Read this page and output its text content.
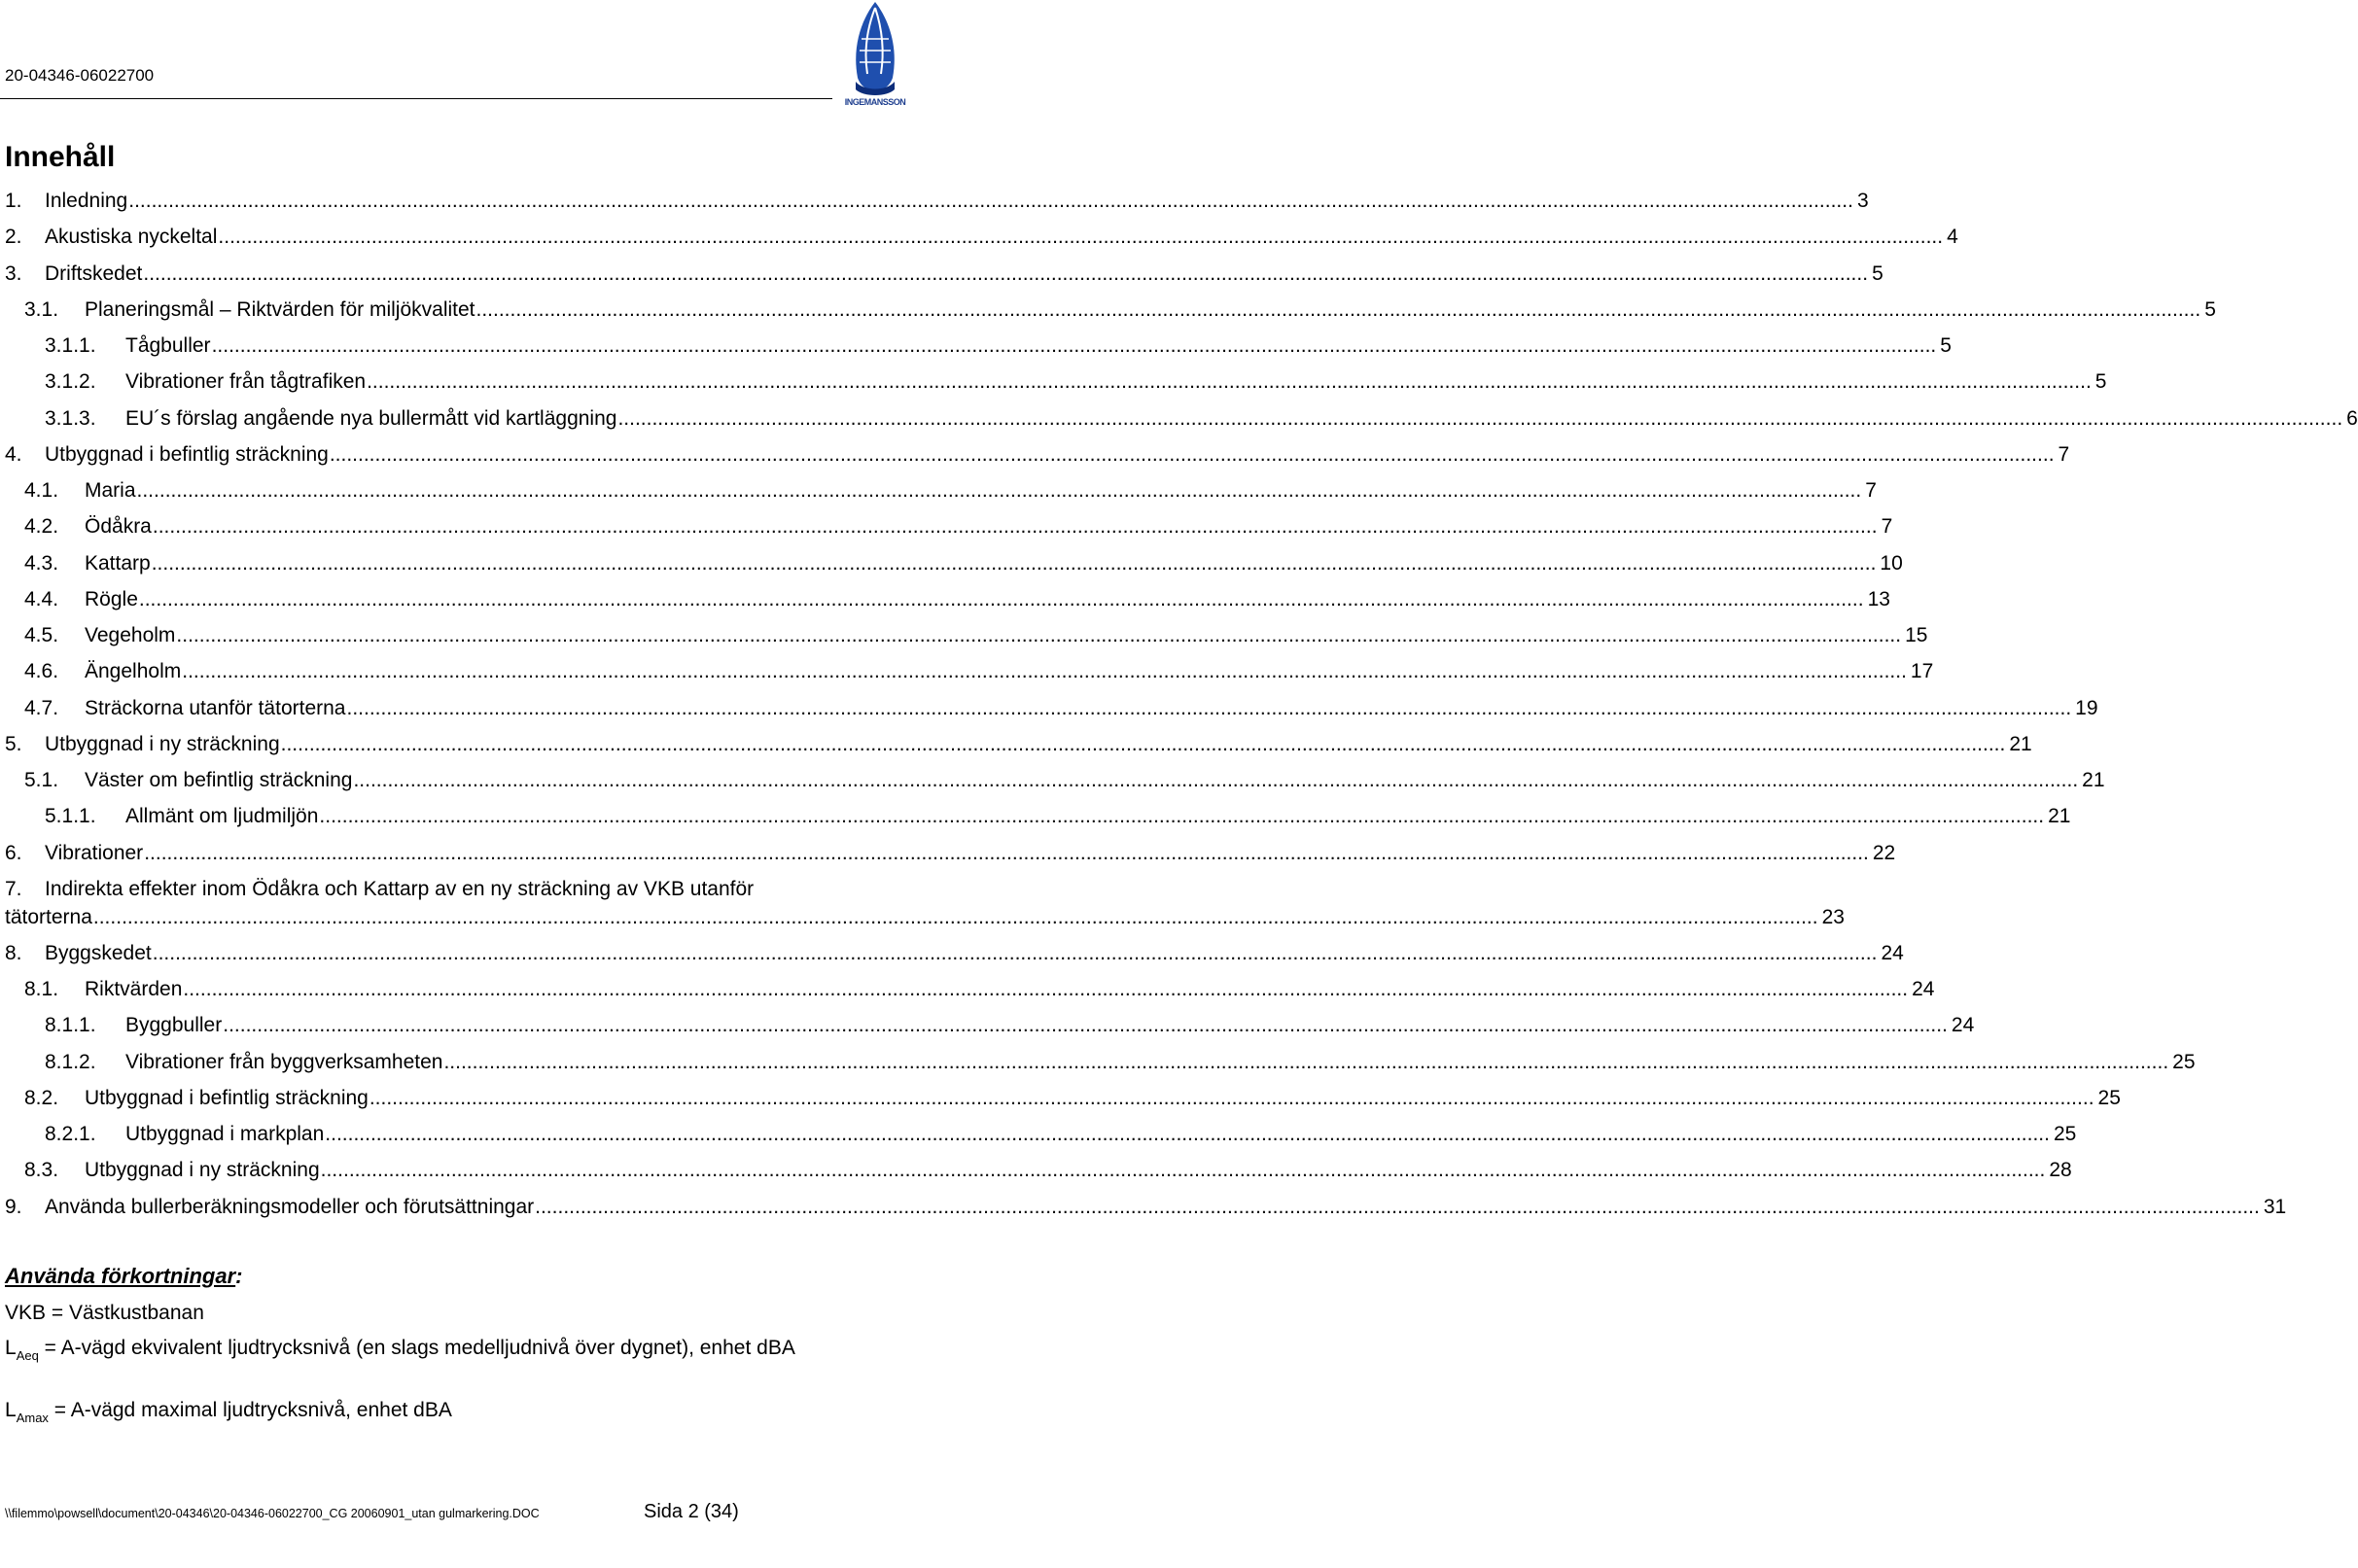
20-04346-06022700
INGEMANSSON
Innehåll
1. Inledning ................................................................................................................................................................................................................................................................................................................ 3
2. Akustiska nyckeltal ................................................................................................................................................................................................................................................................................................................ 4
3. Driftskedet ................................................................................................................................................................................................................................................................................................................ 5
3.1. Planeringsmål – Riktvärden för miljökvalitet ................................................................................................................................................................................................................................................................................................................ 5
3.1.1. Tågbuller ................................................................................................................................................................................................................................................................................................................ 5
3.1.2. Vibrationer från tågtrafiken ................................................................................................................................................................................................................................................................................................................ 5
3.1.3. EU´s förslag angående nya bullermått vid kartläggning ................................................................................................................................................................................................................................................................................................................ 6
4. Utbyggnad i befintlig sträckning ................................................................................................................................................................................................................................................................................................................ 7
4.1. Maria ................................................................................................................................................................................................................................................................................................................ 7
4.2. Ödåkra ................................................................................................................................................................................................................................................................................................................ 7
4.3. Kattarp ................................................................................................................................................................................................................................................................................................................ 10
4.4. Rögle ................................................................................................................................................................................................................................................................................................................ 13
4.5. Vegeholm ................................................................................................................................................................................................................................................................................................................ 15
4.6. Ängelholm ................................................................................................................................................................................................................................................................................................................ 17
4.7. Sträckorna utanför tätorterna ................................................................................................................................................................................................................................................................................................................ 19
5. Utbyggnad i ny sträckning ................................................................................................................................................................................................................................................................................................................ 21
5.1. Väster om befintlig sträckning ................................................................................................................................................................................................................................................................................................................ 21
5.1.1. Allmänt om ljudmiljön ................................................................................................................................................................................................................................................................................................................ 21
6. Vibrationer ................................................................................................................................................................................................................................................................................................................ 22
7. Indirekta effekter inom Ödåkra och Kattarp av en ny sträckning av VKB utanför
tätorterna ................................................................................................................................................................................................................................................................................................................ 23
8. Byggskedet ................................................................................................................................................................................................................................................................................................................ 24
8.1. Riktvärden ................................................................................................................................................................................................................................................................................................................ 24
8.1.1. Byggbuller ................................................................................................................................................................................................................................................................................................................ 24
8.1.2. Vibrationer från byggverksamheten ................................................................................................................................................................................................................................................................................................................ 25
8.2. Utbyggnad i befintlig sträckning ................................................................................................................................................................................................................................................................................................................ 25
8.2.1. Utbyggnad i markplan ................................................................................................................................................................................................................................................................................................................ 25
8.3. Utbyggnad i ny sträckning ................................................................................................................................................................................................................................................................................................................ 28
9. Använda bullerberäkningsmodeller och förutsättningar ................................................................................................................................................................................................................................................................................................................ 31
Använda förkortningar:
VKB = Västkustbanan
$L_{Aeq}$ = A-vägd ekvivalent ljudtrycksnivå (en slags medelljudnivå över dygnet), enhet dBA
$L_{Amax}$ = A-vägd maximal ljudtrycksnivå, enhet dBA
\\filemmo\powsell\document\20-04346\20-04346-06022700_CG 20060901_utan gulmarkering.DOC	Sida 2 (34)
